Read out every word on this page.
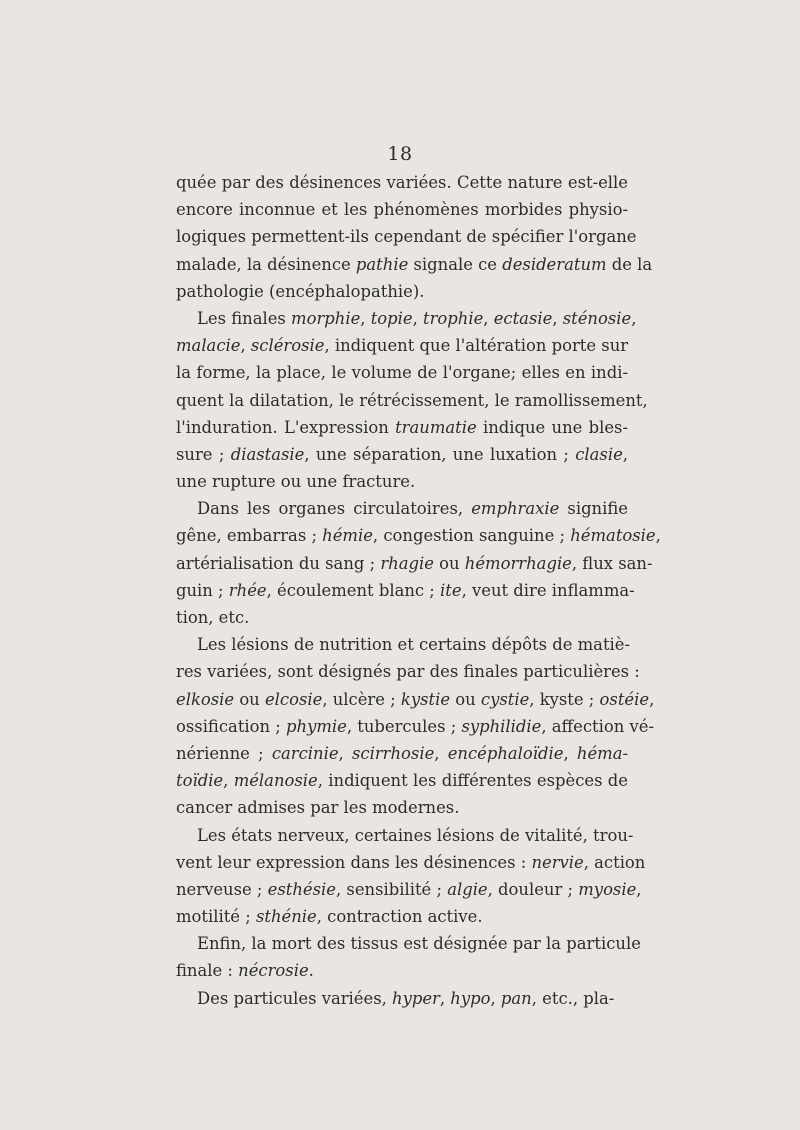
18
quée par des désinences variées. Cette nature est-elle
encore inconnue et les phénomènes morbides physio-
logiques permettent-ils cependant de spécifier l'organe
malade, la désinence pathie signale ce desideratum de la
pathologie (encéphalopathie).
Les finales morphie, topie, trophie, ectasie, sténosie,
malacie, sclérosie, indiquent que l'altération porte sur
la forme, la place, le volume de l'organe; elles en indi-
quent la dilatation, le rétrécissement, le ramollissement,
l'induration. L'expression traumatie indique une bles-
sure ; diastasie, une séparation, une luxation ; clasie,
une rupture ou une fracture.
Dans les organes circulatoires, emphraxie signifie
gêne, embarras ; hémie, congestion sanguine ; hématosie,
artérialisation du sang ; rhagie ou hémorrhagie, flux san-
guin ; rhée, écoulement blanc ; ite, veut dire inflamma-
tion, etc.
Les lésions de nutrition et certains dépôts de matiè-
res variées, sont désignés par des finales particulières :
elkosie ou elcosie, ulcère ; kystie ou cystie, kyste ; ostéie,
ossification ; phymie, tubercules ; syphilidie, affection vé-
nérienne ; carcinie, scirrhosie, encéphaloïdie, héma-
toïdie, mélanosie, indiquent les différentes espèces de
cancer admises par les modernes.
Les états nerveux, certaines lésions de vitalité, trou-
vent leur expression dans les désinences : nervie, action
nerveuse ; esthésie, sensibilité ; algie, douleur ; myosie,
motilité ; sthénie, contraction active.
Enfin, la mort des tissus est désignée par la particule
finale : nécrosie.
Des particules variées, hyper, hypo, pan, etc., pla-
